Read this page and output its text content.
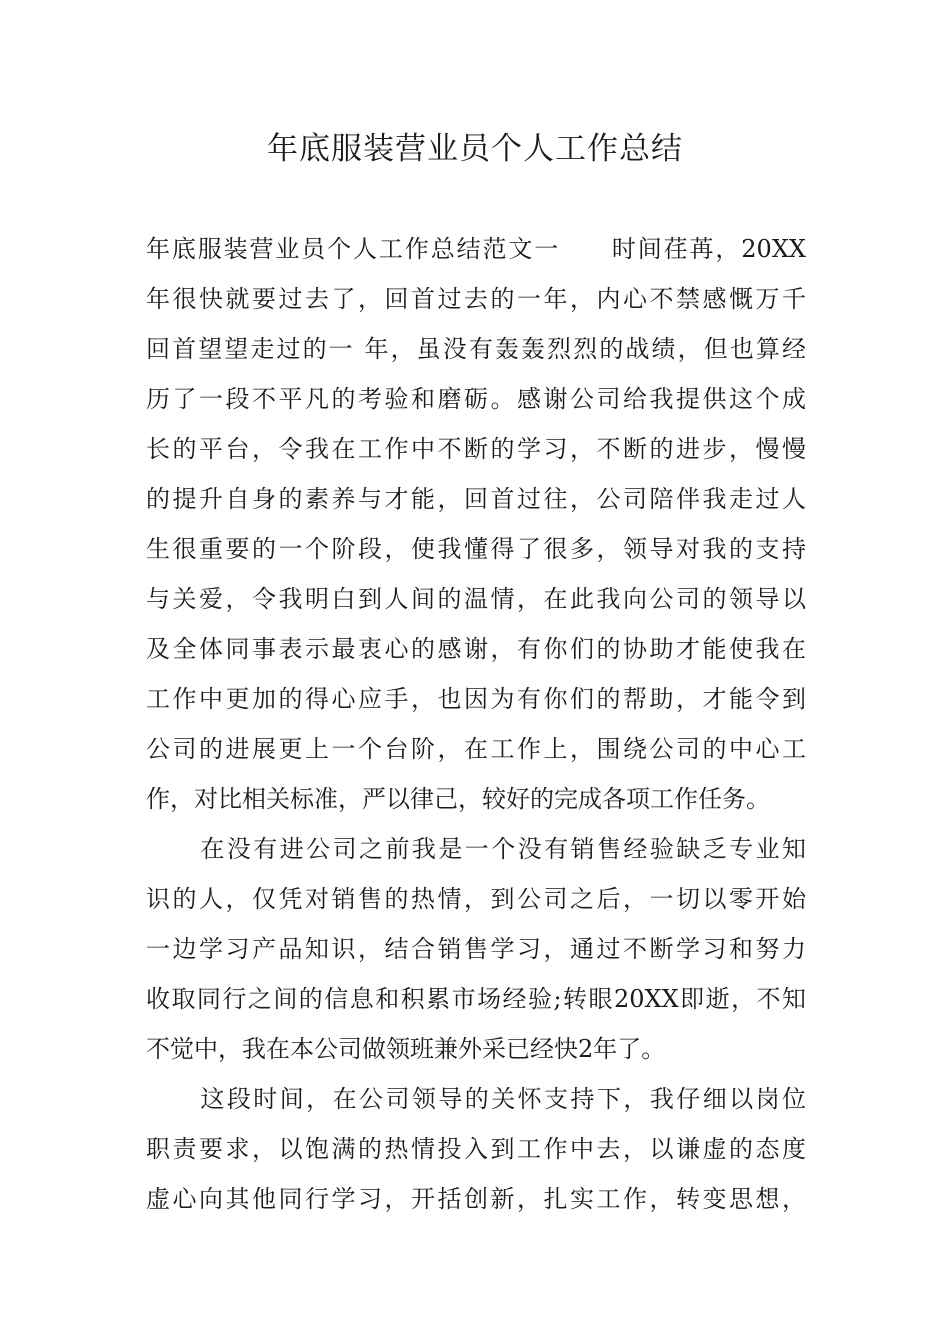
年底服装营业员个人工作总结
年底服装营业员个人工作总结范文一　　时间荏苒，20XX
年很快就要过去了，回首过去的一年，内心不禁感慨万千
回首望望走过的一 年，虽没有轰轰烈烈的战绩，但也算经
历了一段不平凡的考验和磨砺。感谢公司给我提供这个成
长的平台，令我在工作中不断的学习，不断的进步，慢慢
的提升自身的素养与才能，回首过往，公司陪伴我走过人
生很重要的一个阶段，使我懂得了很多，领导对我的支持
与关爱，令我明白到人间的温情，在此我向公司的领导以
及全体同事表示最衷心的感谢，有你们的协助才能使我在
工作中更加的得心应手，也因为有你们的帮助，才能令到
公司的进展更上一个台阶，在工作上，围绕公司的中心工
作，对比相关标准，严以律己，较好的完成各项工作任务。
在没有进公司之前我是一个没有销售经验缺乏专业知
识的人，仅凭对销售的热情，到公司之后，一切以零开始
一边学习产品知识，结合销售学习，通过不断学习和努力
收取同行之间的信息和积累市场经验;转眼20XX即逝，不知
不觉中，我在本公司做领班兼外采已经快2年了。
这段时间，在公司领导的关怀支持下，我仔细以岗位
职责要求，以饱满的热情投入到工作中去，以谦虚的态度
虚心向其他同行学习，开括创新，扎实工作，转变思想，
